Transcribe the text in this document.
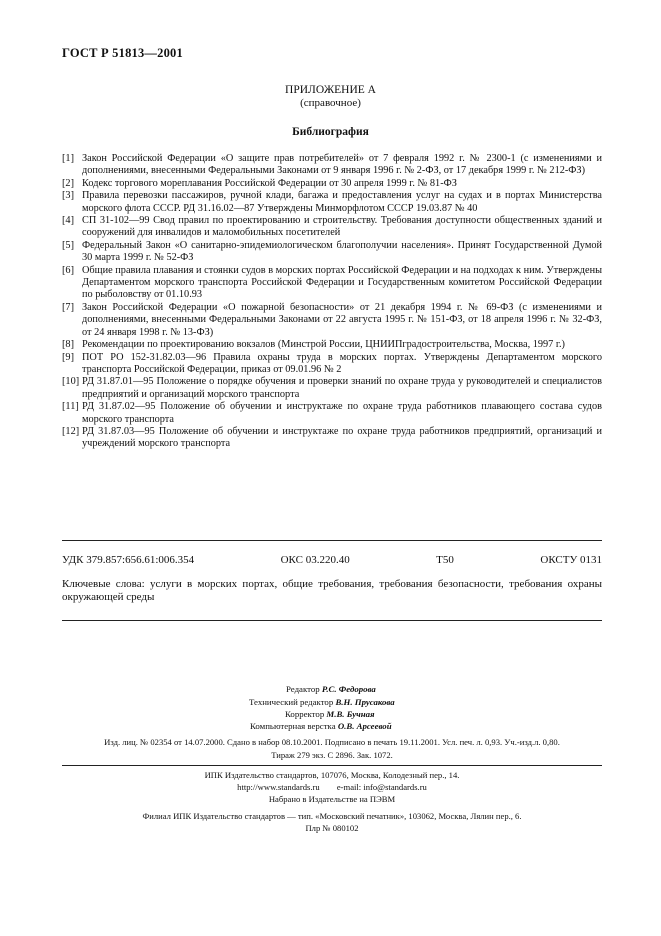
ГОСТ Р 51813—2001
ПРИЛОЖЕНИЕ А
(справочное)
Библиография
[1] Закон Российской Федерации «О защите прав потребителей» от 7 февраля 1992 г. № 2300-1 (с изменениями и дополнениями, внесенными Федеральными Законами от 9 января 1996 г. № 2-ФЗ, от 17 декабря 1999 г. № 212-ФЗ)
[2] Кодекс торгового мореплавания Российской Федерации от 30 апреля 1999 г. № 81-ФЗ
[3] Правила перевозки пассажиров, ручной клади, багажа и предоставления услуг на судах и в портах Министерства морского флота СССР. РД 31.16.02—87 Утверждены Минморфлотом СССР 19.03.87 № 40
[4] СП 31-102—99 Свод правил по проектированию и строительству. Требования доступности общественных зданий и сооружений для инвалидов и маломобильных посетителей
[5] Федеральный Закон «О санитарно-эпидемиологическом благополучии населения». Принят Государственной Думой 30 марта 1999 г. № 52-ФЗ
[6] Общие правила плавания и стоянки судов в морских портах Российской Федерации и на подходах к ним. Утверждены Департаментом морского транспорта Российской Федерации и Государственным комитетом Российской Федерации по рыболовству от 01.10.93
[7] Закон Российской Федерации «О пожарной безопасности» от 21 декабря 1994 г. № 69-ФЗ (с изменениями и дополнениями, внесенными Федеральными Законами от 22 августа 1995 г. № 151-ФЗ, от 18 апреля 1996 г. № 32-ФЗ, от 24 января 1998 г. № 13-ФЗ)
[8] Рекомендации по проектированию вокзалов (Минстрой России, ЦНИИПградостроительства, Москва, 1997 г.)
[9] ПОТ РО 152-31.82.03—96 Правила охраны труда в морских портах. Утверждены Департаментом морского транспорта Российской Федерации, приказ от 09.01.96 № 2
[10] РД 31.87.01—95 Положение о порядке обучения и проверки знаний по охране труда у руководителей и специалистов предприятий и организаций морского транспорта
[11] РД 31.87.02—95 Положение об обучении и инструктаже по охране труда работников плавающего состава судов морского транспорта
[12] РД 31.87.03—95 Положение об обучении и инструктаже по охране труда работников предприятий, организаций и учреждений морского транспорта
УДК 379.857:656.61:006.354	ОКС 03.220.40	Т50	ОКСТУ 0131
Ключевые слова: услуги в морских портах, общие требования, требования безопасности, требования охраны окружающей среды
Редактор Р.С. Федорова
Технический редактор В.Н. Прусакова
Корректор М.В. Бучная
Компьютерная верстка О.В. Арсеевой
Изд. лиц. № 02354 от 14.07.2000. Сдано в набор 08.10.2001. Подписано в печать 19.11.2001. Усл. печ. л. 0,93. Уч.-изд.л. 0,80.
Тираж 279 экз. С 2896. Зак. 1072.
ИПК Издательство стандартов, 107076, Москва, Колодезный пер., 14.
http://www.standards.ru e-mail: info@standards.ru
Набрано в Издательстве на ПЭВМ
Филиал ИПК Издательство стандартов — тип. «Московский печатник», 103062, Москва, Лялин пер., 6.
Плр № 080102
